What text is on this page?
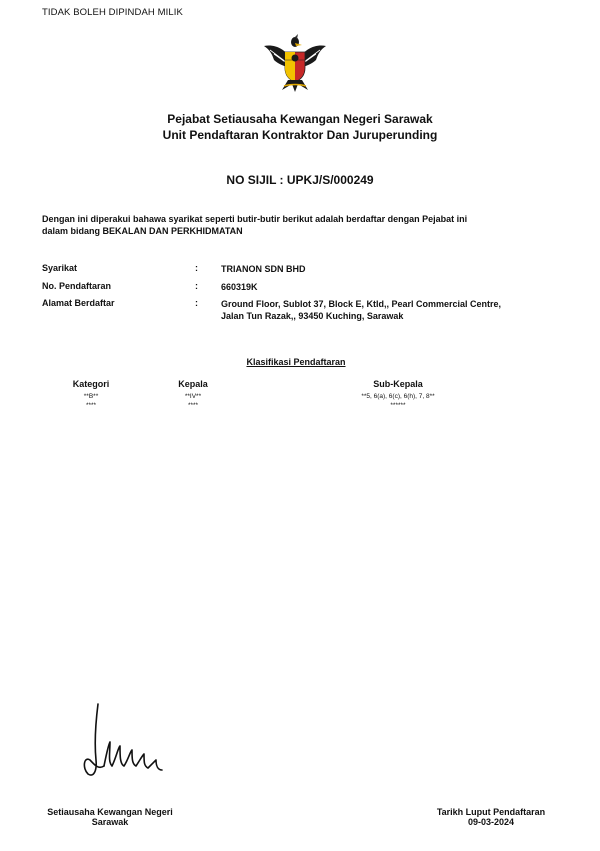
TIDAK BOLEH DIPINDAH MILIK
Pejabat Setiausaha Kewangan Negeri Sarawak
Unit Pendaftaran Kontraktor Dan Juruperunding
NO SIJIL : UPKJ/S/000249
Dengan ini diperakui bahawa syarikat seperti butir-butir berikut adalah berdaftar dengan Pejabat ini
dalam bidang BEKALAN DAN PERKHIDMATAN
Syarikat	:	TRIANON SDN BHD
No. Pendaftaran	:	660319K
Alamat Berdaftar	:	Ground Floor, Sublot 37, Block E, Ktld,, Pearl Commercial Centre,
Jalan Tun Razak,, 93450 Kuching, Sarawak
Klasifikasi Pendaftaran
Kategori	Kepala	Sub-Kepala
**B**	**IV**	**5, 6(a), 6(c), 6(h), 7, 8**
****	****	******
Setiausaha Kewangan Negeri
Sarawak
Tarikh Luput Pendaftaran
09-03-2024
